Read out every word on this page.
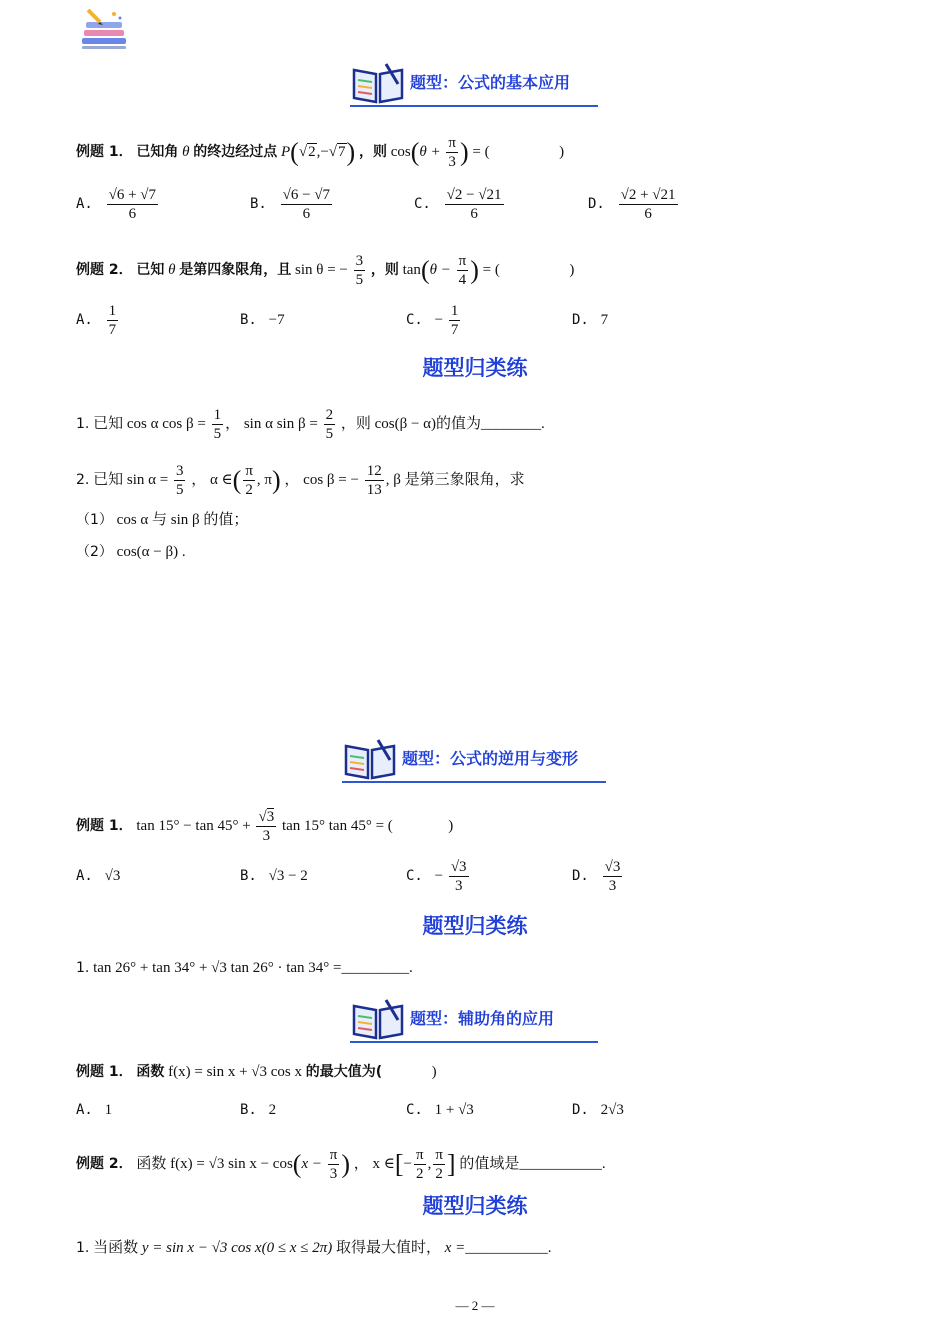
题型：公式的基本应用
例题 1． 已知角 θ 的终边经过点 P(√2,−√7) ，则 $\cos(\theta + \frac{\pi}{3}$ ) = (	)
A. $\frac{√6 + √7}{6}$	B. $\frac{√6 - √7}{6}$	C. $\frac{√2 - √21}{6}$	D. $\frac{√2 + √21}{6}$
例题 2． 已知 θ 是第四象限角，且 sin θ = − $\frac{3}{5}$ ，则 $\tan(\theta - \frac{\pi}{4}$ ) = (	)
A. $\frac{1}{7}$	B. −7	C. − $\frac{1}{7}$	D. 7
题型归类练
1. 已知 cos α $\cos \beta = \frac{1}{5}$ ， sin α $\sin \beta = \frac{2}{5}$ ，则 cos(β − α)的值为________.
2. 已知 $\sin \alpha = \frac{3}{5}$ ， α ∈( $\frac{\pi}{2}$ , π) ， cos β = − $\frac{12}{13}$ , β 是第三象限角，求
（1） cos α 与 sin β 的值；
（2） cos(α − β) .
题型：公式的逆用与变形
例题 1． $\tan 15^\circ - \tan 45^\circ + \frac{√3}{3}$ tan 15° tan 45° = (	)
A. √3	B. √3 − 2	C. − $\frac{√3}{3}$	D. $\frac{√3}{3}$
题型归类练
1. tan 26° + tan 34° + √3 tan 26° · tan 34° =_________.
题型：辅助角的应用
例题 1． 函数 f(x) = sin x + √3 cos x 的最大值为(	)
A. 1	B. 2	C. 1 + √3	D. 2√3
例题 2． 函数 f(x) = √3 $\sin x - \cos(x - \frac{\pi}{3}$ ) ， x ∈[− $\frac{\pi}{2}$ , $\frac{\pi}{2}$ ] 的值域是___________.
题型归类练
1. 当函数 y = sin x − √3 cos x(0 ≤ x ≤ 2π) 取得最大值时， x =___________.
— 2 —
